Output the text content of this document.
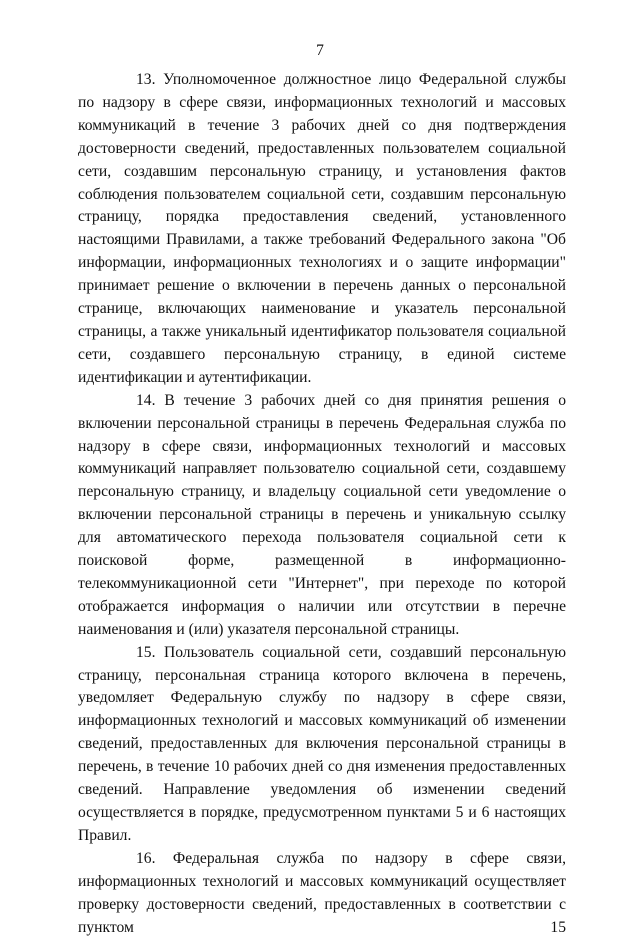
7

13. Уполномоченное должностное лицо Федеральной службы по надзору в сфере связи, информационных технологий и массовых коммуникаций в течение 3 рабочих дней со дня подтверждения достоверности сведений, предоставленных пользователем социальной сети, создавшим персональную страницу, и установления фактов соблюдения пользователем социальной сети, создавшим персональную страницу, порядка предоставления сведений, установленного настоящими Правилами, а также требований Федерального закона "Об информации, информационных технологиях и о защите информации" принимает решение о включении в перечень данных о персональной странице, включающих наименование и указатель персональной страницы, а также уникальный идентификатор пользователя социальной сети, создавшего персональную страницу, в единой системе идентификации и аутентификации.

14. В течение 3 рабочих дней со дня принятия решения о включении персональной страницы в перечень Федеральная служба по надзору в сфере связи, информационных технологий и массовых коммуникаций направляет пользователю социальной сети, создавшему персональную страницу, и владельцу социальной сети уведомление о включении персональной страницы в перечень и уникальную ссылку для автоматического перехода пользователя социальной сети к поисковой форме, размещенной в информационно-телекоммуникационной сети "Интернет", при переходе по которой отображается информация о наличии или отсутствии в перечне наименования и (или) указателя персональной страницы.

15. Пользователь социальной сети, создавший персональную страницу, персональная страница которого включена в перечень, уведомляет Федеральную службу по надзору в сфере связи, информационных технологий и массовых коммуникаций об изменении сведений, предоставленных для включения персональной страницы в перечень, в течение 10 рабочих дней со дня изменения предоставленных сведений. Направление уведомления об изменении сведений осуществляется в порядке, предусмотренном пунктами 5 и 6 настоящих Правил.

16. Федеральная служба по надзору в сфере связи, информационных технологий и массовых коммуникаций осуществляет проверку достоверности сведений, предоставленных в соответствии с пунктом 15
